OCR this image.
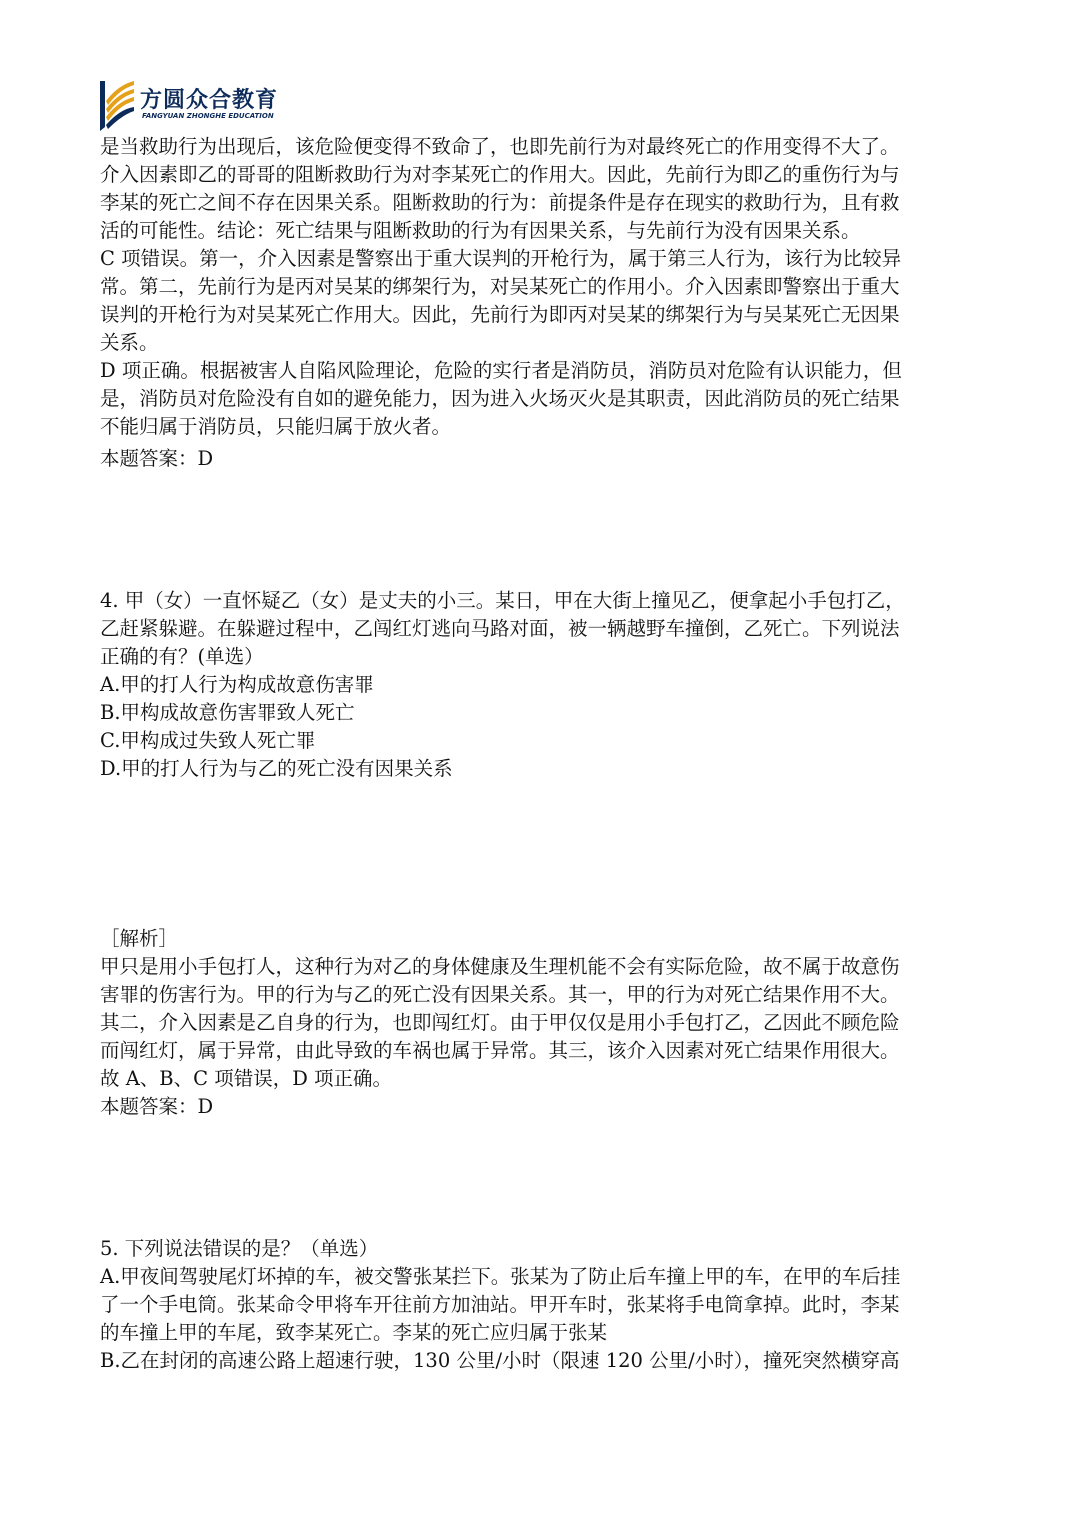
方圆众合教育
FANGYUAN ZHONGHE EDUCATION

是当救助行为出现后，该危险便变得不致命了，也即先前行为对最终死亡的作用变得不大了。

介入因素即乙的哥哥的阻断救助行为对李某死亡的作用大。因此，先前行为即乙的重伤行为与

李某的死亡之间不存在因果关系。阻断救助的行为：前提条件是存在现实的救助行为，且有救

活的可能性。结论：死亡结果与阻断救助的行为有因果关系，与先前行为没有因果关系。

C 项错误。第一，介入因素是警察出于重大误判的开枪行为，属于第三人行为，该行为比较异

常。第二，先前行为是丙对吴某的绑架行为，对吴某死亡的作用小。介入因素即警察出于重大

误判的开枪行为对吴某死亡作用大。因此，先前行为即丙对吴某的绑架行为与吴某死亡无因果

关系。

D 项正确。根据被害人自陷风险理论，危险的实行者是消防员，消防员对危险有认识能力，但

是，消防员对危险没有自如的避免能力，因为进入火场灭火是其职责，因此消防员的死亡结果

不能归属于消防员，只能归属于放火者。

本题答案：D

4. 甲（女）一直怀疑乙（女）是丈夫的小三。某日，甲在大街上撞见乙，便拿起小手包打乙，

乙赶紧躲避。在躲避过程中，乙闯红灯逃向马路对面，被一辆越野车撞倒，乙死亡。下列说法

正确的有？(单选）

A.甲的打人行为构成故意伤害罪

B.甲构成故意伤害罪致人死亡

C.甲构成过失致人死亡罪

D.甲的打人行为与乙的死亡没有因果关系

［解析］

甲只是用小手包打人，这种行为对乙的身体健康及生理机能不会有实际危险，故不属于故意伤

害罪的伤害行为。甲的行为与乙的死亡没有因果关系。其一，甲的行为对死亡结果作用不大。

其二，介入因素是乙自身的行为，也即闯红灯。由于甲仅仅是用小手包打乙，乙因此不顾危险

而闯红灯，属于异常，由此导致的车祸也属于异常。其三，该介入因素对死亡结果作用很大。

故 A、B、C 项错误，D 项正确。

本题答案：D

5. 下列说法错误的是？（单选）

A.甲夜间驾驶尾灯坏掉的车，被交警张某拦下。张某为了防止后车撞上甲的车，在甲的车后挂

了一个手电筒。张某命令甲将车开往前方加油站。甲开车时，张某将手电筒拿掉。此时，李某

的车撞上甲的车尾，致李某死亡。李某的死亡应归属于张某

B.乙在封闭的高速公路上超速行驶，130 公里/小时（限速 120 公里/小时），撞死突然横穿高
